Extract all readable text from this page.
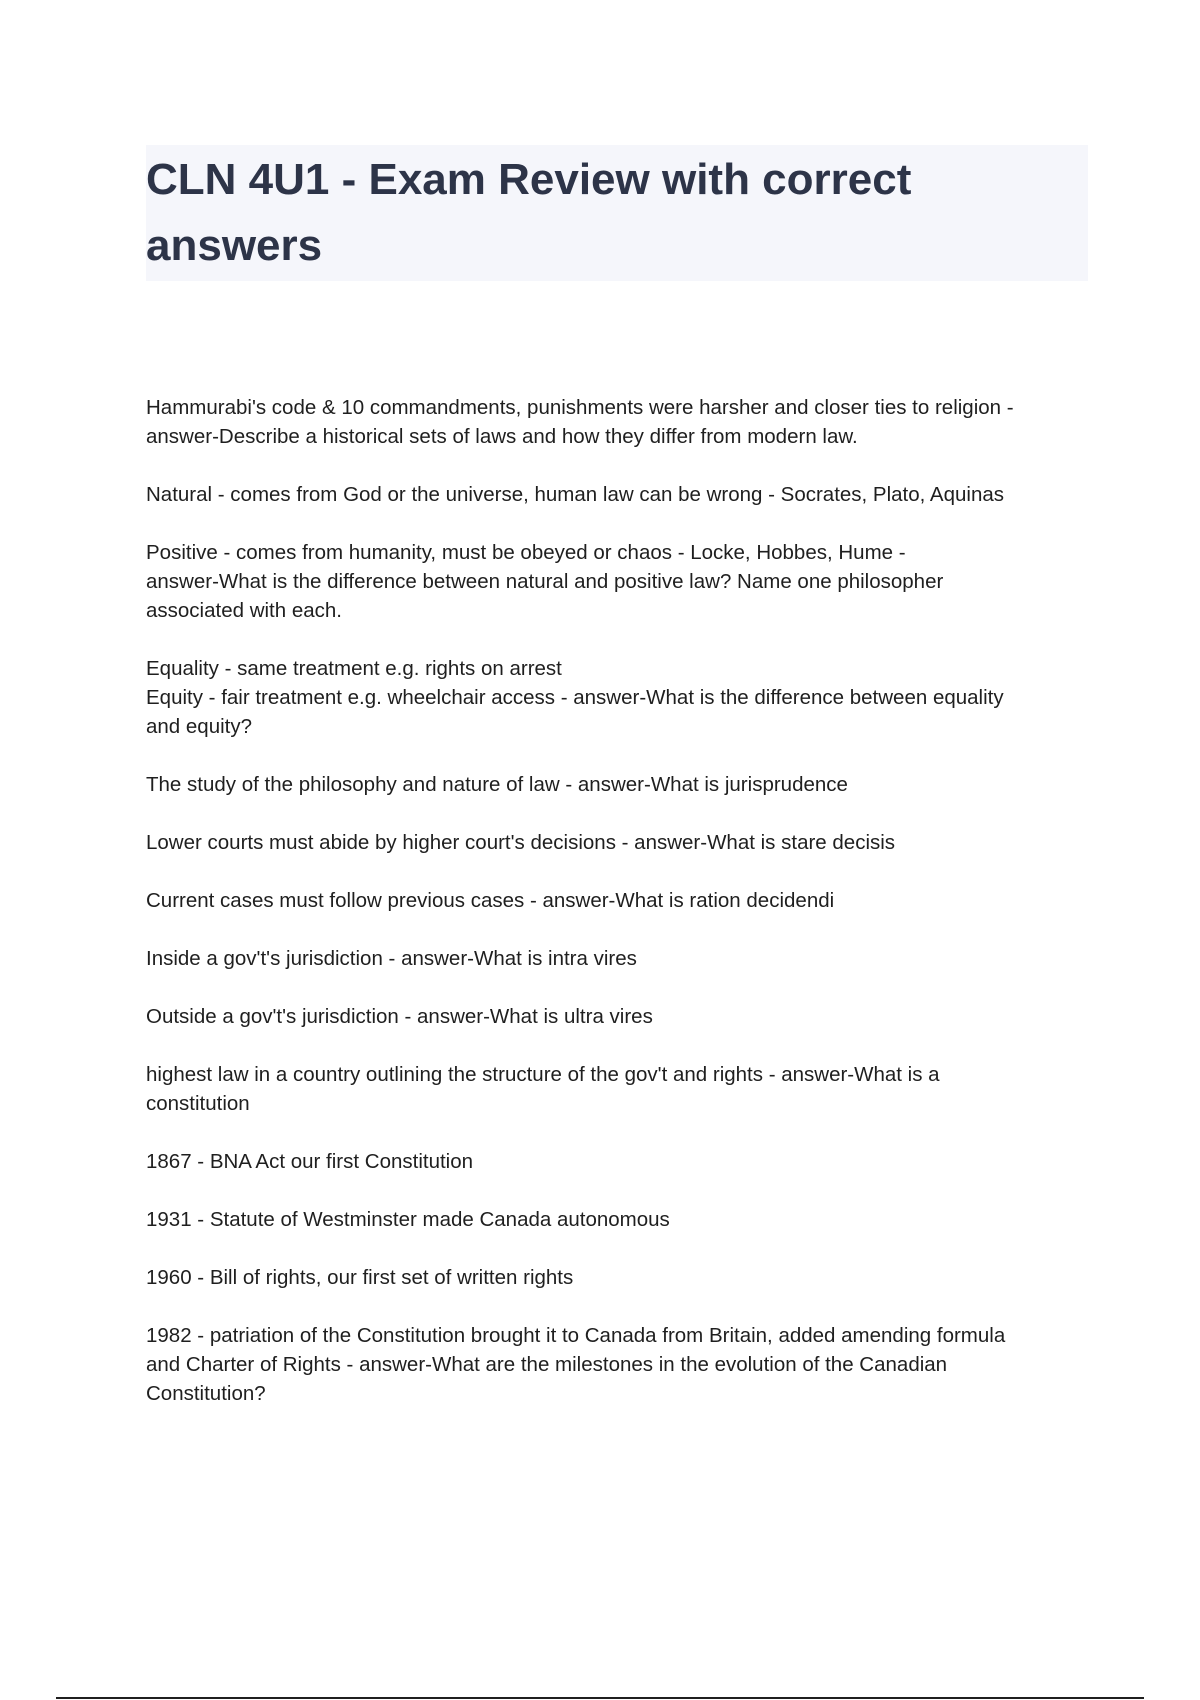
CLN 4U1 - Exam Review with correct
answers

Hammurabi's code & 10 commandments, punishments were harsher and closer ties to religion -
answer-Describe a historical sets of laws and how they differ from modern law.

Natural - comes from God or the universe, human law can be wrong - Socrates, Plato, Aquinas

Positive - comes from humanity, must be obeyed or chaos - Locke, Hobbes, Hume -
answer-What is the difference between natural and positive law? Name one philosopher
associated with each.

Equality - same treatment e.g. rights on arrest
Equity - fair treatment e.g. wheelchair access - answer-What is the difference between equality
and equity?

The study of the philosophy and nature of law - answer-What is jurisprudence

Lower courts must abide by higher court's decisions - answer-What is stare decisis

Current cases must follow previous cases - answer-What is ration decidendi

Inside a gov't's jurisdiction - answer-What is intra vires

Outside a gov't's jurisdiction - answer-What is ultra vires

highest law in a country outlining the structure of the gov't and rights - answer-What is a
constitution

1867 - BNA Act our first Constitution

1931 - Statute of Westminster made Canada autonomous

1960 - Bill of rights, our first set of written rights

1982 - patriation of the Constitution brought it to Canada from Britain, added amending formula
and Charter of Rights - answer-What are the milestones in the evolution of the Canadian
Constitution?
